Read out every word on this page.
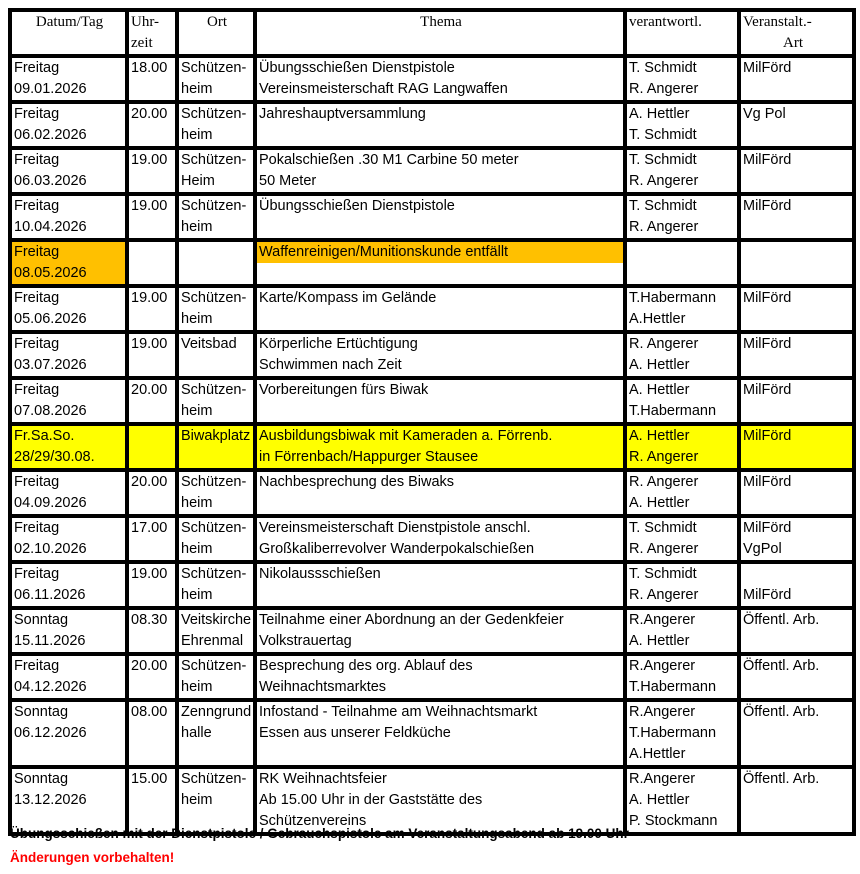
Datum/Tag	Uhr-
zeit	Ort	Thema	verantwortl.	Veranstalt.-
Art

Freitag
09.01.2026	18.00	Schützen-
heim	Übungsschießen Dienstpistole
Vereinsmeisterschaft RAG Langwaffen	T. Schmidt
R. Angerer	MilFörd

Freitag
06.02.2026	20.00	Schützen-
heim	Jahreshauptversammlung	A. Hettler
T. Schmidt	Vg Pol

Freitag
06.03.2026	19.00	Schützen-
Heim	Pokalschießen .30 M1 Carbine 50 meter
50 Meter	T. Schmidt
R. Angerer	MilFörd

Freitag
10.04.2026	19.00	Schützen-
heim	Übungsschießen Dienstpistole	T. Schmidt
R. Angerer	MilFörd

Freitag
08.05.2026			Waffenreinigen/Munitionskunde entfällt		

Freitag
05.06.2026	19.00	Schützen-
heim	Karte/Kompass im Gelände	T.Habermann
A.Hettler	MilFörd

Freitag
03.07.2026	19.00	Veitsbad	Körperliche Ertüchtigung
Schwimmen nach Zeit	R. Angerer
A. Hettler	MilFörd

Freitag
07.08.2026	20.00	Schützen-
heim	Vorbereitungen fürs Biwak	A. Hettler
T.Habermann	MilFörd

Fr.Sa.So.
28/29/30.08.		Biwakplatz	Ausbildungsbiwak mit Kameraden a. Förrenb.
in Förrenbach/Happurger Stausee	A. Hettler
R. Angerer	MilFörd

Freitag
04.09.2026	20.00	Schützen-
heim	Nachbesprechung des Biwaks	R. Angerer
A. Hettler	MilFörd

Freitag
02.10.2026	17.00	Schützen-
heim	Vereinsmeisterschaft Dienstpistole anschl.
Großkaliberrevolver Wanderpokalschießen	T. Schmidt
R. Angerer	MilFörd
VgPol

Freitag
06.11.2026	19.00	Schützen-
heim	Nikolaussschießen	T. Schmidt
R. Angerer	MilFörd

Sonntag
15.11.2026	08.30	Veitskirche
Ehrenmal	Teilnahme einer Abordnung an der Gedenkfeier
Volkstrauertag	R.Angerer
A. Hettler	Öffentl. Arb.

Freitag
04.12.2026	20.00	Schützen-
heim	Besprechung des org. Ablauf des
Weihnachtsmarktes	R.Angerer
T.Habermann	Öffentl. Arb.

Sonntag
06.12.2026	08.00	Zenngrund
halle	Infostand - Teilnahme am Weihnachtsmarkt
Essen aus unserer Feldküche	R.Angerer
T.Habermann
A.Hettler	Öffentl. Arb.

Sonntag
13.12.2026	15.00	Schützen-
heim	RK Weihnachtsfeier
Ab 15.00 Uhr in der Gaststätte des
Schützenvereins	R.Angerer
A. Hettler
P. Stockmann	Öffentl. Arb.
Übungsschießen mit der Dienstpistole / Gebrauchspistole am Veranstaltungsabend ab 19.00 Uhr
Änderungen vorbehalten!
